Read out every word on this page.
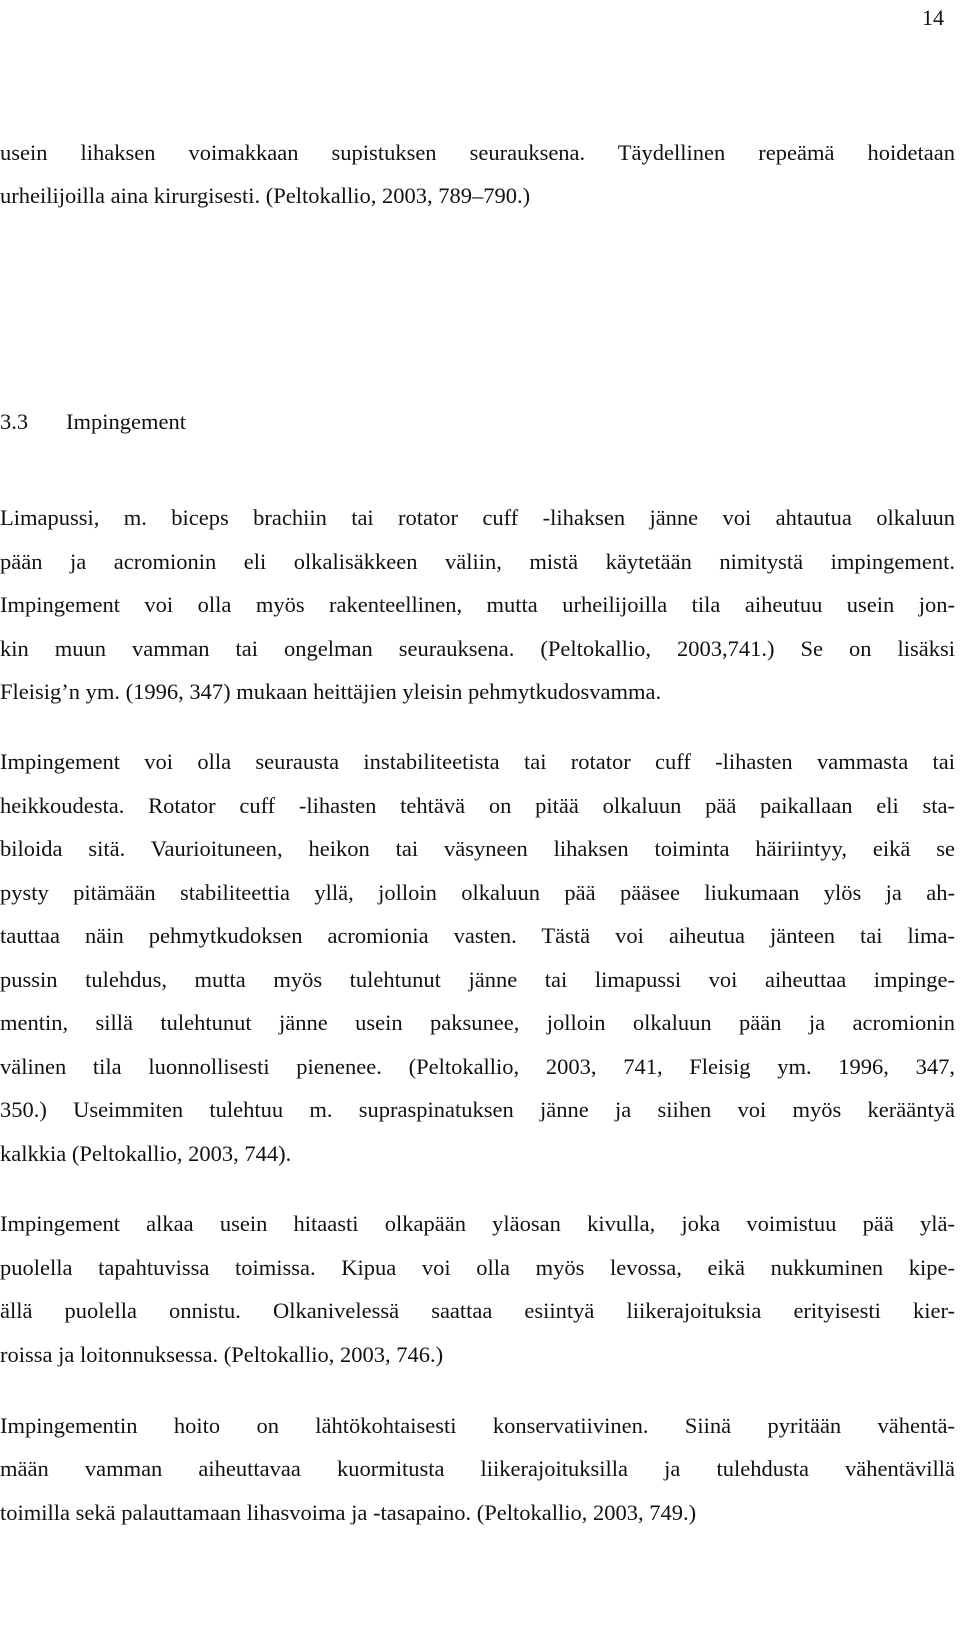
14
usein lihaksen voimakkaan supistuksen seurauksena. Täydellinen repeämä hoidetaan
urheilijoilla aina kirurgisesti. (Peltokallio, 2003, 789–790.)
3.3 Impingement
Limapussi, m. biceps brachiin tai rotator cuff -lihaksen jänne voi ahtautua olkaluun
pään ja acromionin eli olkalisäkkeen väliin, mistä käytetään nimitystä impingement.
Impingement voi olla myös rakenteellinen, mutta urheilijoilla tila aiheutuu usein jon-
kin muun vamman tai ongelman seurauksena. (Peltokallio, 2003,741.) Se on lisäksi
Fleisig’n ym. (1996, 347) mukaan heittäjien yleisin pehmytkudosvamma.
Impingement voi olla seurausta instabiliteetista tai rotator cuff -lihasten vammasta tai
heikkoudesta. Rotator cuff -lihasten tehtävä on pitää olkaluun pää paikallaan eli sta-
biloida sitä. Vaurioituneen, heikon tai väsyneen lihaksen toiminta häiriintyy, eikä se
pysty pitämään stabiliteettia yllä, jolloin olkaluun pää pääsee liukumaan ylös ja ah-
tauttaa näin pehmytkudoksen acromionia vasten. Tästä voi aiheutua jänteen tai lima-
pussin tulehdus, mutta myös tulehtunut jänne tai limapussi voi aiheuttaa impinge-
mentin, sillä tulehtunut jänne usein paksunee, jolloin olkaluun pään ja acromionin
välinen tila luonnollisesti pienenee. (Peltokallio, 2003, 741, Fleisig ym. 1996, 347,
350.) Useimmiten tulehtuu m. supraspinatuksen jänne ja siihen voi myös kerääntyä
kalkkia (Peltokallio, 2003, 744).
Impingement alkaa usein hitaasti olkapään yläosan kivulla, joka voimistuu pää ylä-
puolella tapahtuvissa toimissa. Kipua voi olla myös levossa, eikä nukkuminen kipe-
ällä puolella onnistu. Olkanivelessä saattaa esiintyä liikerajoituksia erityisesti kier-
roissa ja loitonnuksessa. (Peltokallio, 2003, 746.)
Impingementin hoito on lähtökohtaisesti konservatiivinen. Siinä pyritään vähentä-
mään vamman aiheuttavaa kuormitusta liikerajoituksilla ja tulehdusta vähentävillä
toimilla sekä palauttamaan lihasvoima ja -tasapaino. (Peltokallio, 2003, 749.)
